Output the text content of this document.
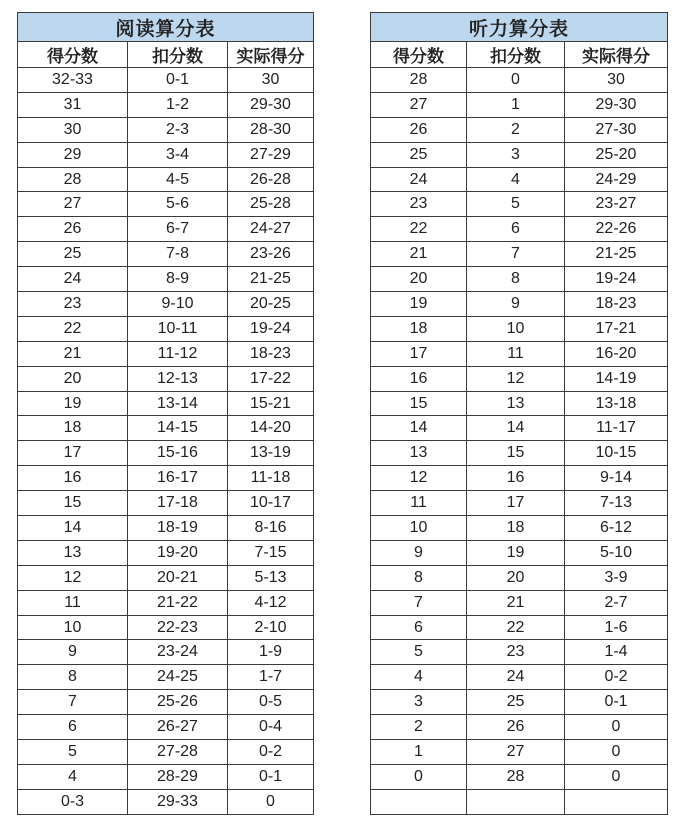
阅读算分表		
得分数	扣分数	实际得分
32-33	0-1	30
31	1-2	29-30
30	2-3	28-30
29	3-4	27-29
28	4-5	26-28
27	5-6	25-28
26	6-7	24-27
25	7-8	23-26
24	8-9	21-25
23	9-10	20-25
22	10-11	19-24
21	11-12	18-23
20	12-13	17-22
19	13-14	15-21
18	14-15	14-20
17	15-16	13-19
16	16-17	11-18
15	17-18	10-17
14	18-19	8-16
13	19-20	7-15
12	20-21	5-13
11	21-22	4-12
10	22-23	2-10
9	23-24	1-9
8	24-25	1-7
7	25-26	0-5
6	26-27	0-4
5	27-28	0-2
4	28-29	0-1
0-3	29-33	0
听力算分表		
得分数	扣分数	实际得分
28	0	30
27	1	29-30
26	2	27-30
25	3	25-20
24	4	24-29
23	5	23-27
22	6	22-26
21	7	21-25
20	8	19-24
19	9	18-23
18	10	17-21
17	11	16-20
16	12	14-19
15	13	13-18
14	14	11-17
13	15	10-15
12	16	9-14
11	17	7-13
10	18	6-12
9	19	5-10
8	20	3-9
7	21	2-7
6	22	1-6
5	23	1-4
4	24	0-2
3	25	0-1
2	26	0
1	27	0
0	28	0
